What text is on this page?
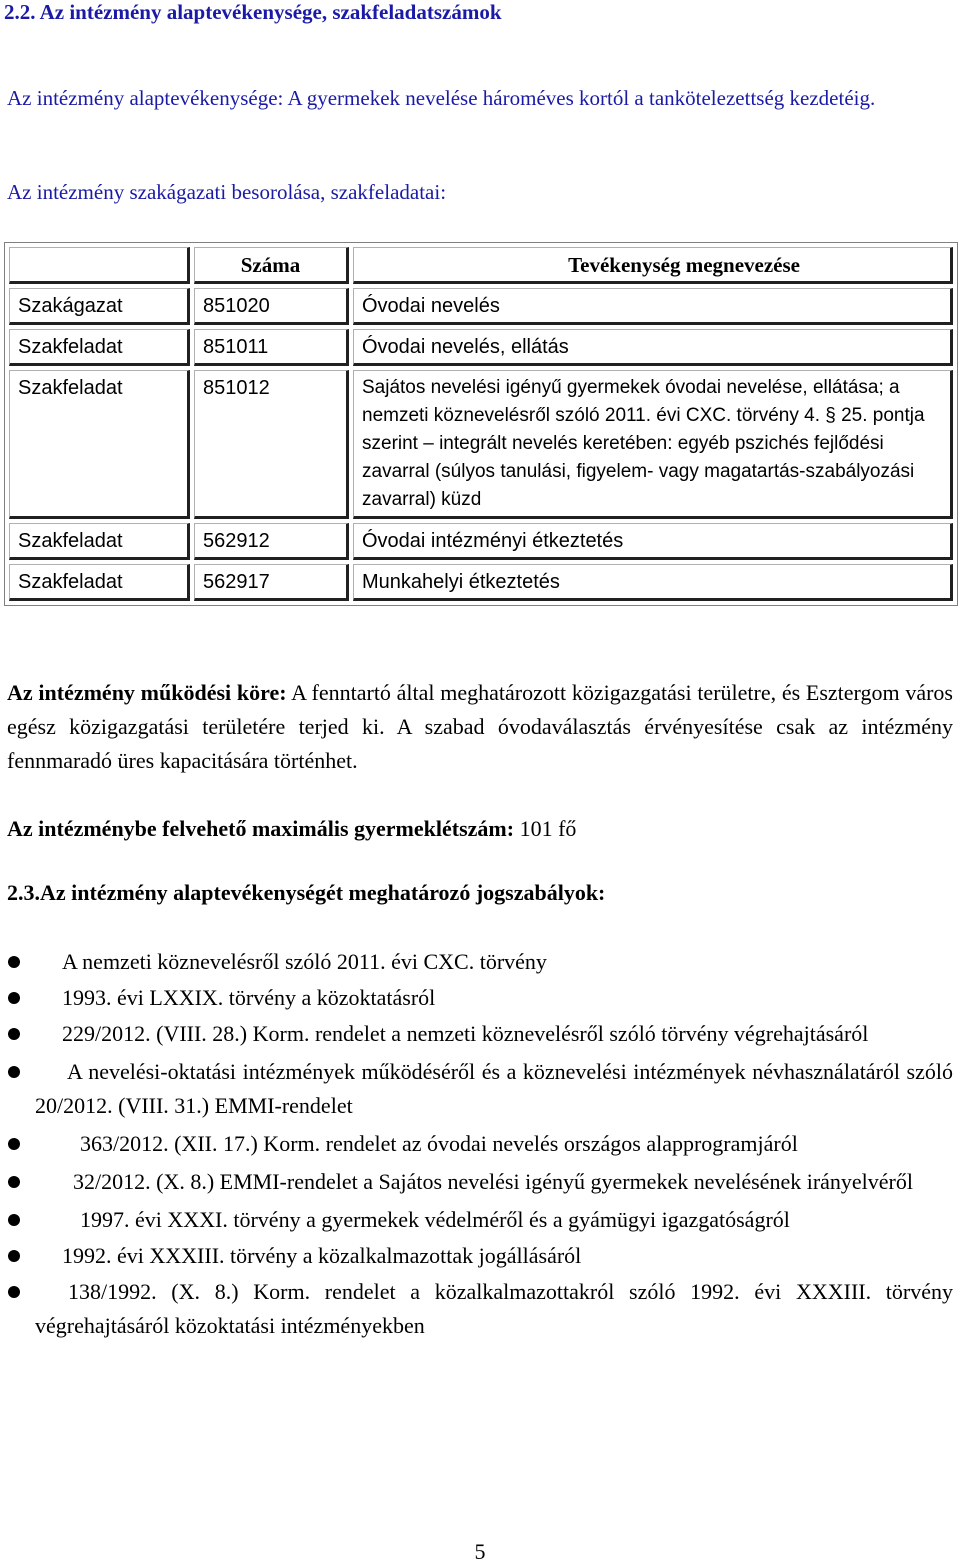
2.2. Az intézmény alaptevékenysége, szakfeladatszámok
Az intézmény alaptevékenysége: A gyermekek nevelése hároméves kortól a tankötelezettség kezdetéig.
Az intézmény szakágazati besorolása, szakfeladatai:
	Száma	Tevékenység megnevezése
Szakágazat	851020	Óvodai nevelés
Szakfeladat	851011	Óvodai nevelés, ellátás
Szakfeladat	851012	Sajátos nevelési igényű gyermekek óvodai nevelése, ellátása; a nemzeti köznevelésről szóló 2011. évi CXC. törvény 4. § 25. pontja szerint – integrált nevelés keretében: egyéb pszichés fejlődési zavarral (súlyos tanulási, figyelem- vagy magatartás-szabályozási zavarral) küzd
Szakfeladat	562912	Óvodai intézményi étkeztetés
Szakfeladat	562917	Munkahelyi étkeztetés
Az intézmény működési köre: A fenntartó által meghatározott közigazgatási területre, és Esztergom város egész közigazgatási területére terjed ki. A szabad óvodaválasztás érvényesítése csak az intézmény fennmaradó üres kapacitására történhet.
Az intézménybe felvehető maximális gyermeklétszám: 101 fő
2.3.Az intézmény alaptevékenységét meghatározó jogszabályok:
A nemzeti köznevelésről szóló 2011. évi CXC. törvény
1993. évi LXXIX. törvény a közoktatásról
229/2012. (VIII. 28.) Korm. rendelet a nemzeti köznevelésről szóló törvény végrehajtásáról
A nevelési-oktatási intézmények működéséről és a köznevelési intézmények névhasználatáról szóló 20/2012. (VIII. 31.) EMMI-rendelet
363/2012. (XII. 17.) Korm. rendelet az óvodai nevelés országos alapprogramjáról
32/2012. (X. 8.) EMMI-rendelet a Sajátos nevelési igényű gyermekek nevelésének irányelvéről
1997. évi XXXI. törvény a gyermekek védelméről és a gyámügyi igazgatóságról
1992. évi XXXIII. törvény a közalkalmazottak jogállásáról
138/1992. (X. 8.) Korm. rendelet a közalkalmazottakról szóló 1992. évi XXXIII. törvény végrehajtásáról közoktatási intézményekben
5
